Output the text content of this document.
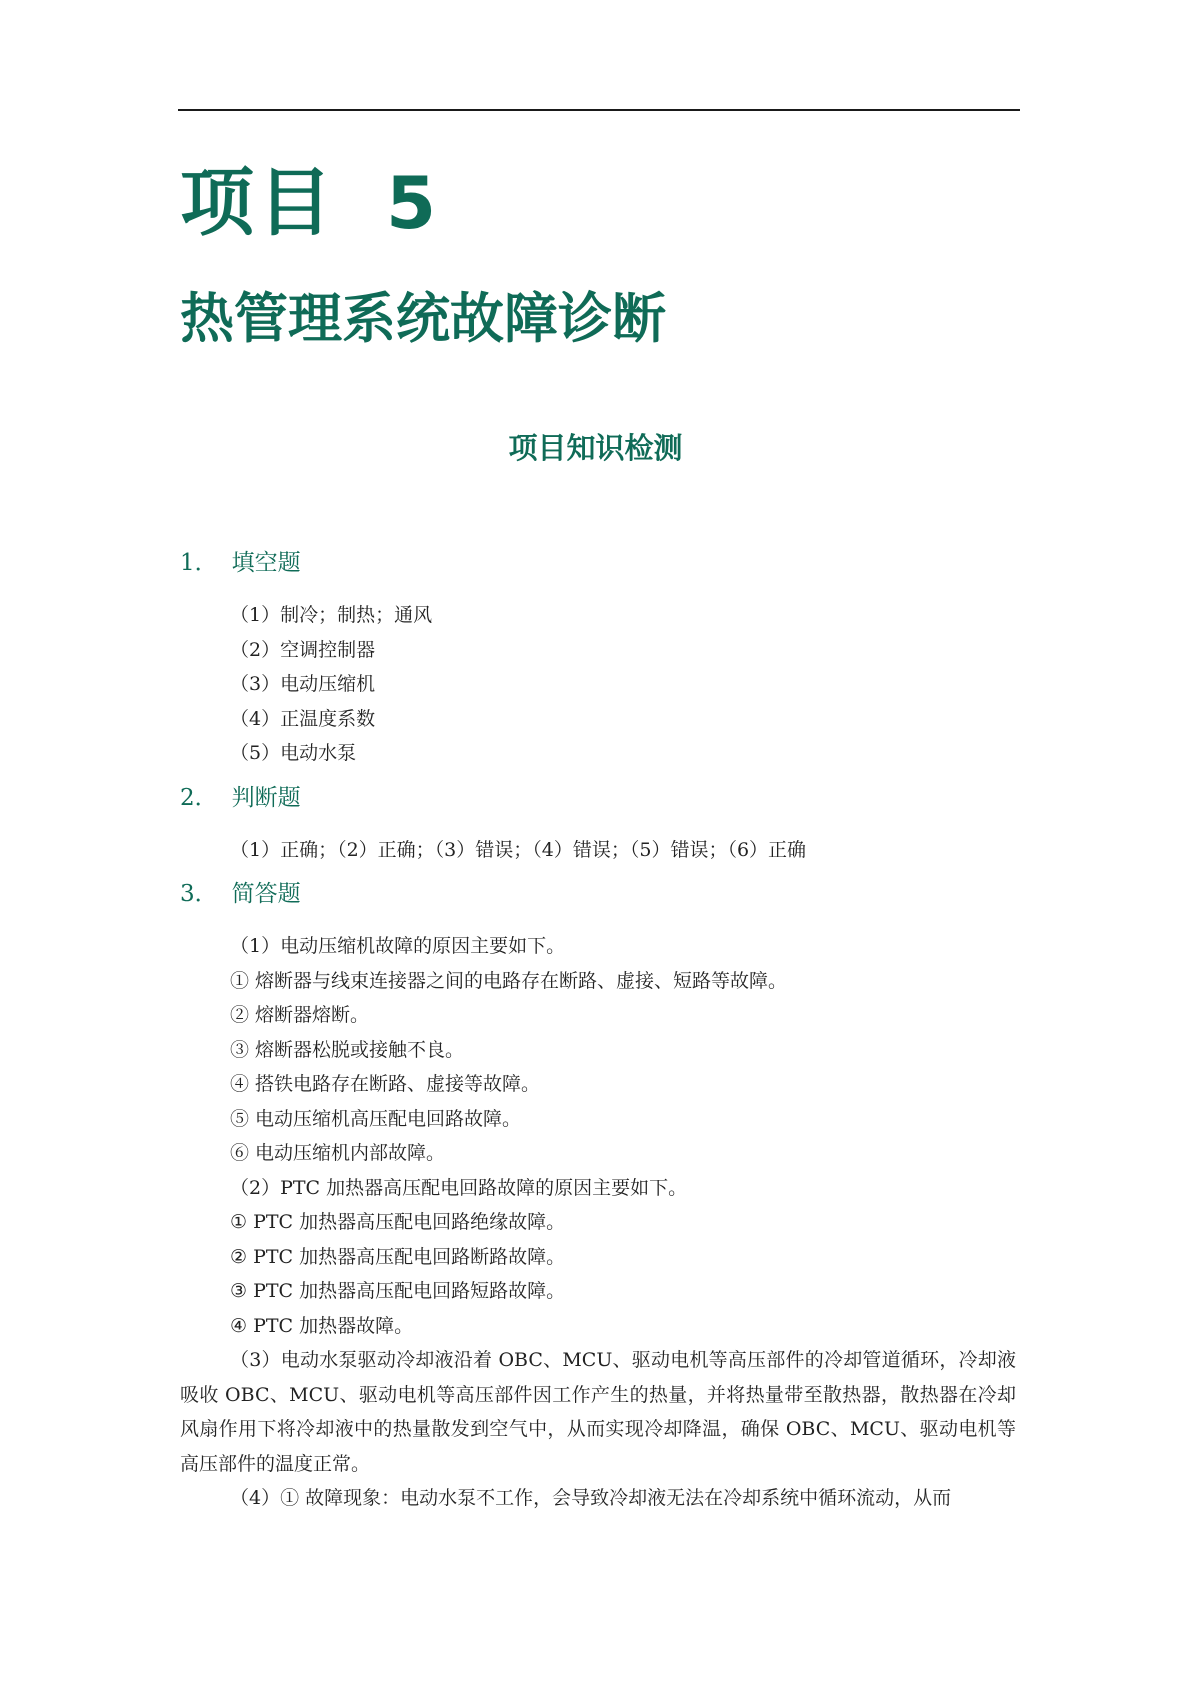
项目 5
热管理系统故障诊断
项目知识检测
1． 填空题
（1）制冷；制热；通风
（2）空调控制器
（3）电动压缩机
（4）正温度系数
（5）电动水泵
2． 判断题
（1）正确；（2）正确；（3）错误；（4）错误；（5）错误；（6）正确
3． 简答题
（1）电动压缩机故障的原因主要如下。
① 熔断器与线束连接器之间的电路存在断路、虚接、短路等故障。
② 熔断器熔断。
③ 熔断器松脱或接触不良。
④ 搭铁电路存在断路、虚接等故障。
⑤ 电动压缩机高压配电回路故障。
⑥ 电动压缩机内部故障。
（2）PTC 加热器高压配电回路故障的原因主要如下。
① PTC 加热器高压配电回路绝缘故障。
② PTC 加热器高压配电回路断路故障。
③ PTC 加热器高压配电回路短路故障。
④ PTC 加热器故障。
（3）电动水泵驱动冷却液沿着 OBC、MCU、驱动电机等高压部件的冷却管道循环，冷却液吸收 OBC、MCU、驱动电机等高压部件因工作产生的热量，并将热量带至散热器，散热器在冷却风扇作用下将冷却液中的热量散发到空气中，从而实现冷却降温，确保 OBC、MCU、驱动电机等高压部件的温度正常。
（4）① 故障现象：电动水泵不工作，会导致冷却液无法在冷却系统中循环流动，从而
